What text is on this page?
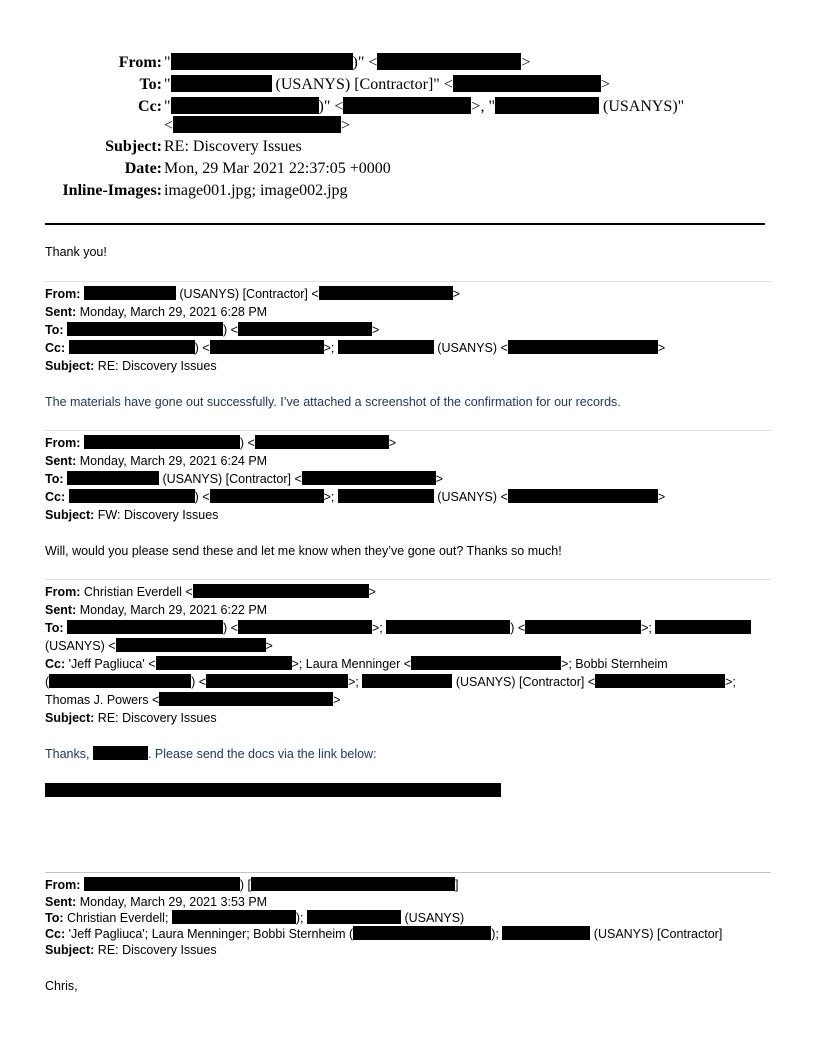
From: "	)" <	>
To: "	(USANYS) [Contractor]" <	>
Cc: "	)" <	>, "	(USANYS)"
<	>
Subject: RE: Discovery Issues
Date: Mon, 29 Mar 2021 22:37:05 +0000
Inline-Images: image001.jpg; image002.jpg
Thank you!
From:	(USANYS) [Contractor] <	>
Sent: Monday, March 29, 2021 6:28 PM
To:	) <	>
Cc:	) <	>;	(USANYS) <	>
Subject: RE: Discovery Issues
The materials have gone out successfully. I’ve attached a screenshot of the confirmation for our records.
From:	) <	>
Sent: Monday, March 29, 2021 6:24 PM
To:	(USANYS) [Contractor] <	>
Cc:	) <	>;	(USANYS) <	>
Subject: FW: Discovery Issues
Will, would you please send these and let me know when they’ve gone out? Thanks so much!
From: Christian Everdell <	>
Sent: Monday, March 29, 2021 6:22 PM
To:	) <	>;	) <	>;
(USANYS) <	>
Cc: 'Jeff Pagliuca' <	>; Laura Menninger <	>; Bobbi Sternheim
(	) <	>;	(USANYS) [Contractor] <	>;
Thomas J. Powers <	>
Subject: RE: Discovery Issues
Thanks,	. Please send the docs via the link below:
From:	) [	]
Sent: Monday, March 29, 2021 3:53 PM
To: Christian Everdell;	);	(USANYS)
Cc: 'Jeff Pagliuca'; Laura Menninger; Bobbi Sternheim (	);	(USANYS) [Contractor]
Subject: RE: Discovery Issues
Chris,
